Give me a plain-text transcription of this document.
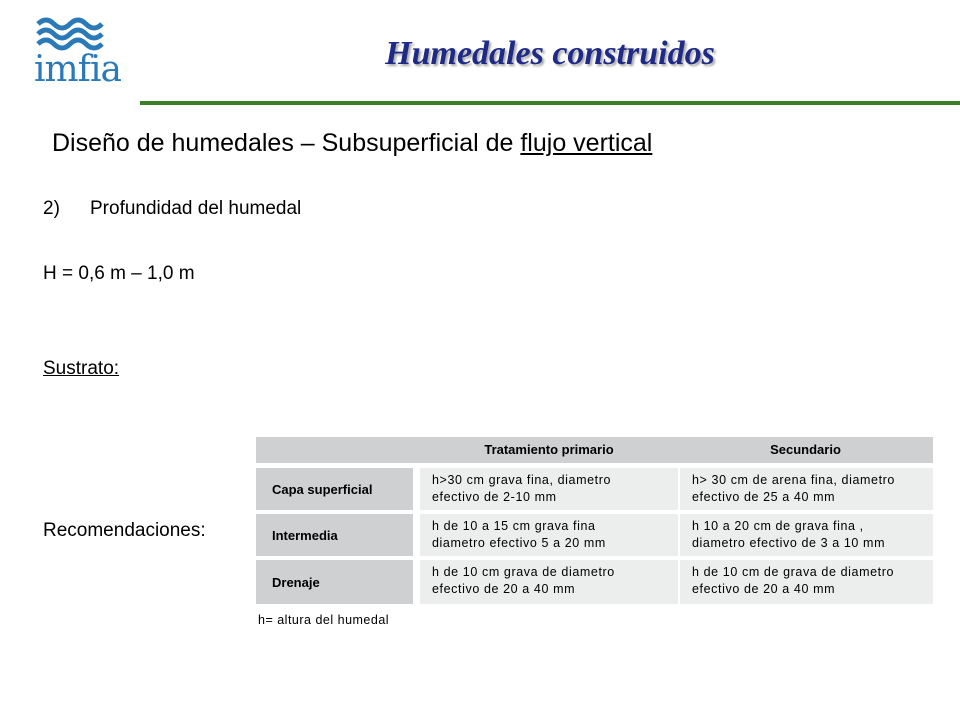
imfia	Humedales construidos
Diseño de humedales – Subsuperficial de flujo vertical
2) Profundidad del humedal
H = 0,6 m – 1,0 m
Sustrato:
Recomendaciones:
Tratamiento primario	Secundario
Capa superficial
h>30 cm grava fina, diametro
efectivo de 2-10 mm
h> 30 cm de arena fina, diametro
efectivo de 25 a 40 mm
Intermedia
h de 10 a 15 cm grava fina
diametro efectivo 5 a 20 mm
h 10 a 20 cm de grava fina ,
diametro efectivo de 3 a 10 mm
Drenaje
h de 10 cm grava de diametro
efectivo de 20 a 40 mm
h de 10 cm de grava de diametro
efectivo de 20 a 40 mm
h= altura del humedal
